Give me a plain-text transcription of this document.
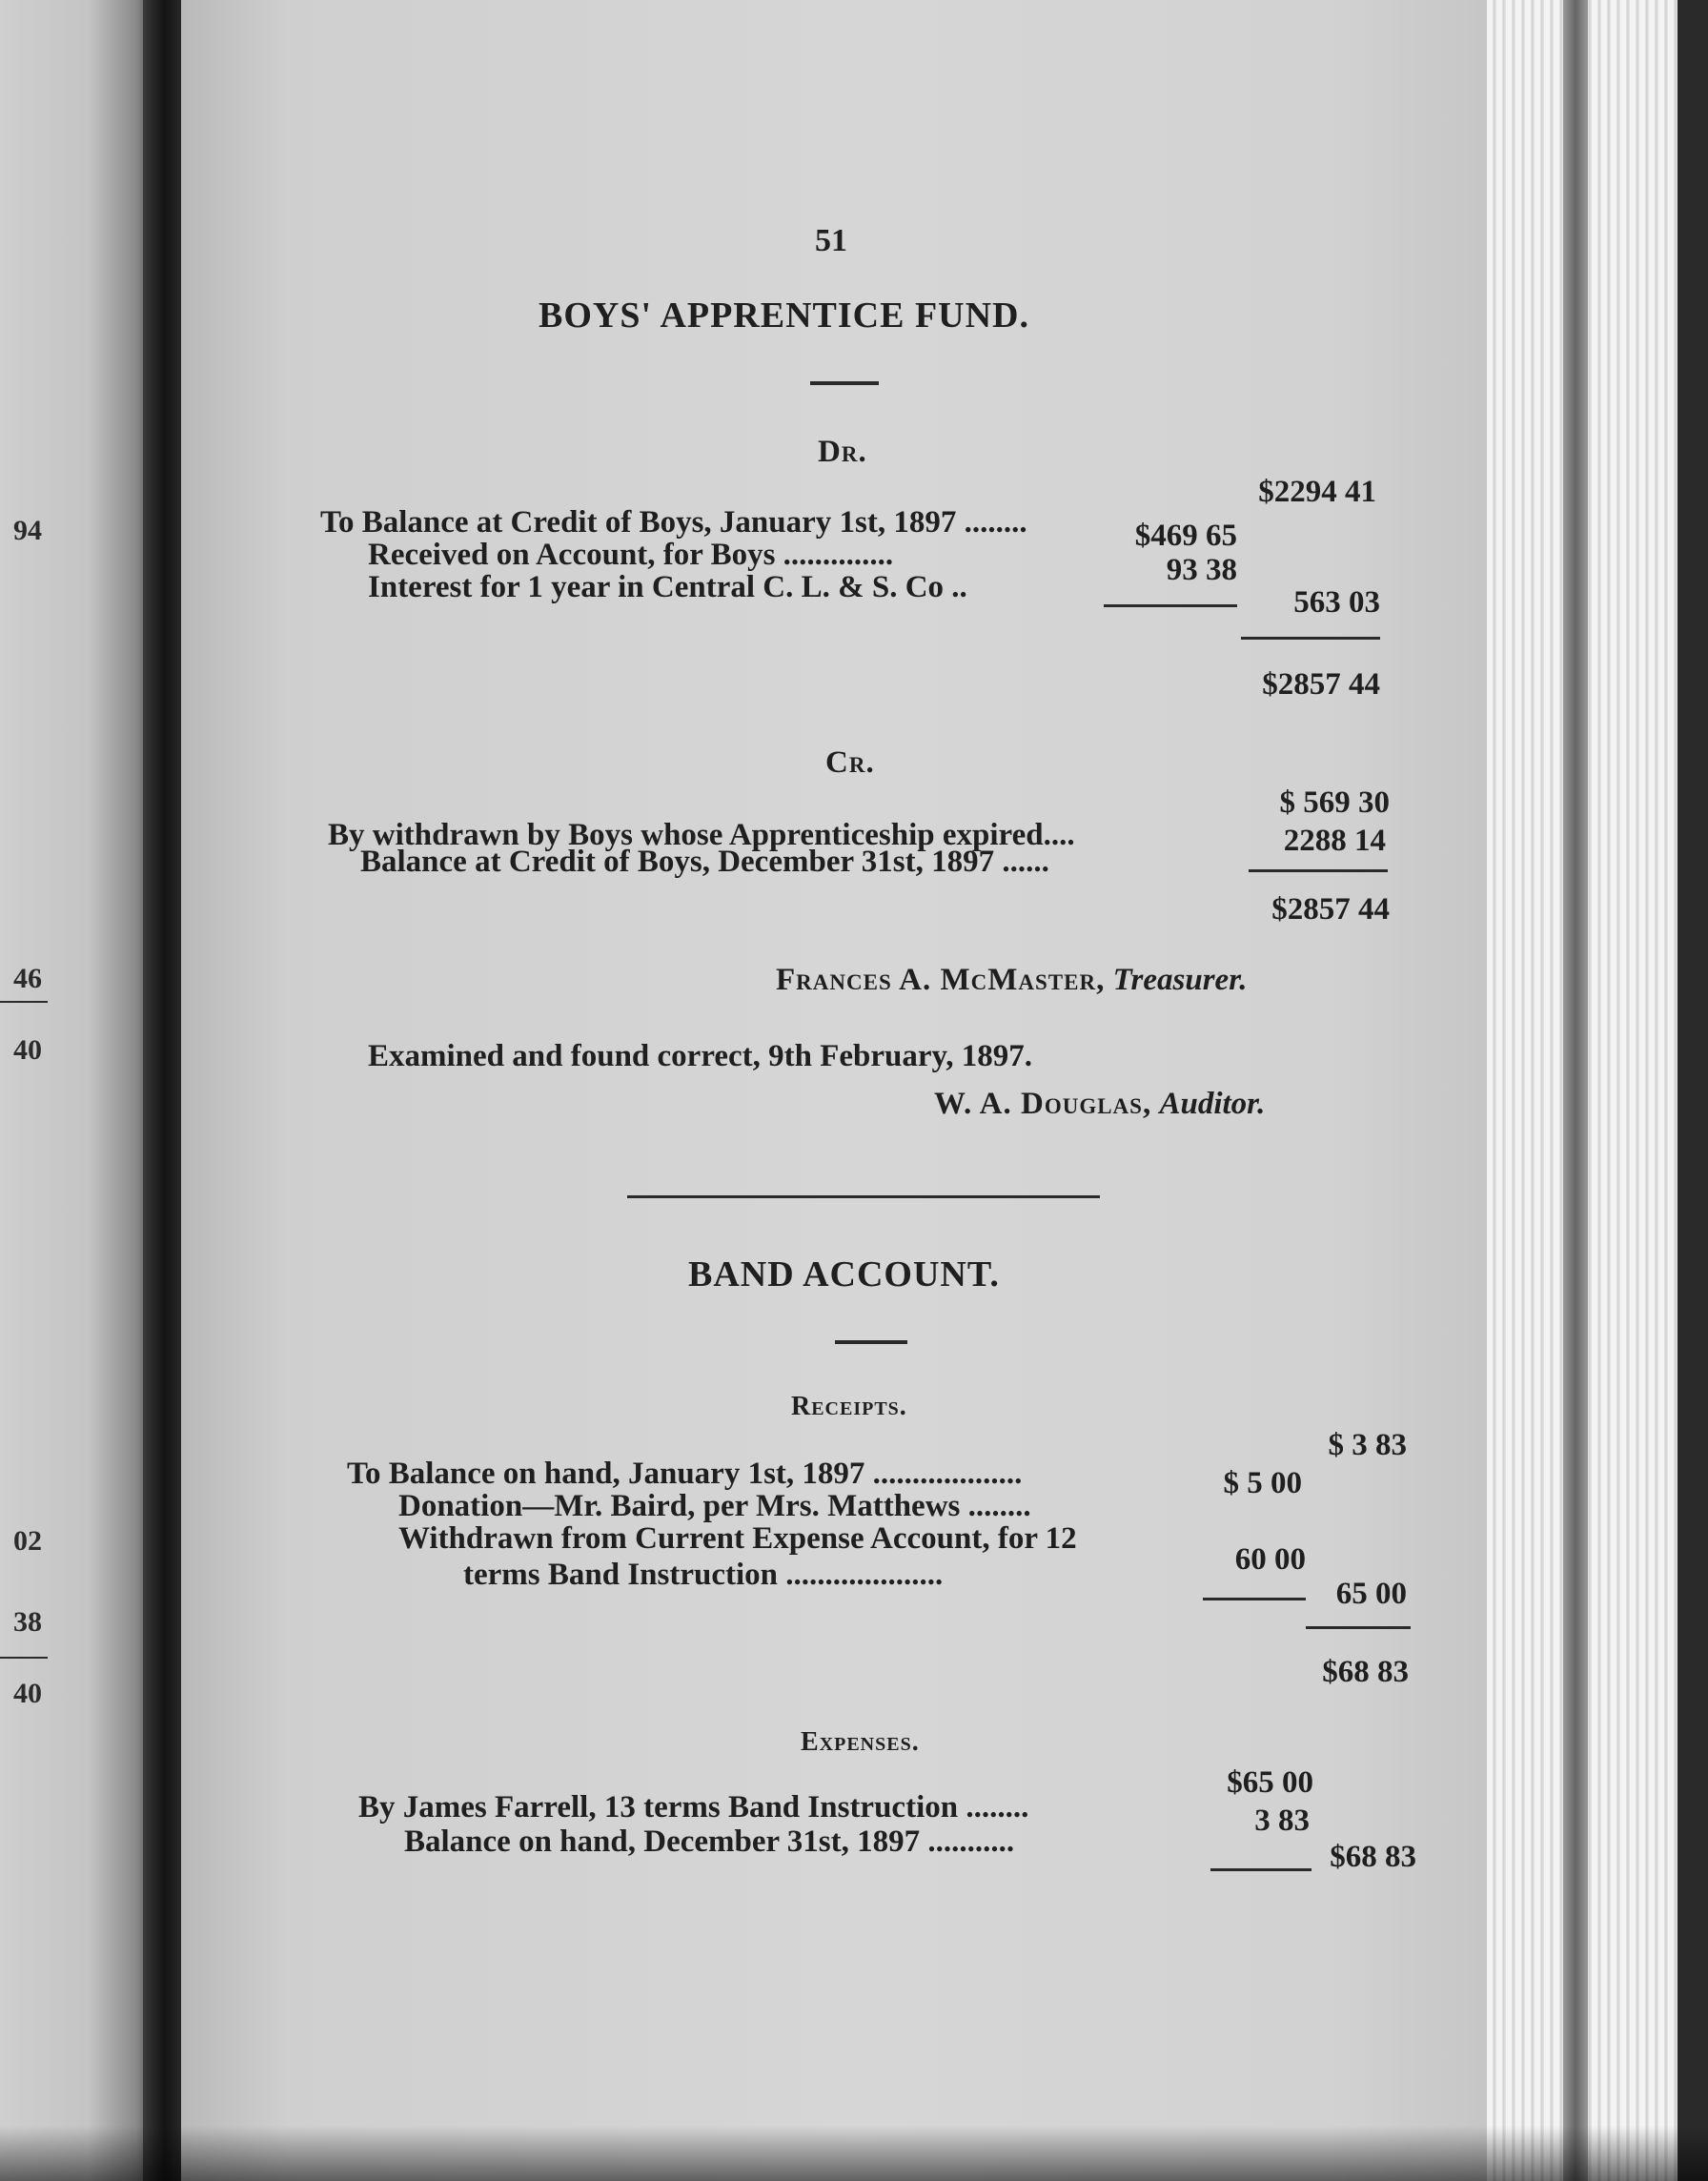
94
46
40
02
38
40
51
BOYS' APPRENTICE FUND.
Dr.
To Balance at Credit of Boys, January 1st, 1897 ........
$2294 41
Received on Account, for Boys ..............
$469 65
Interest for 1 year in Central C. L. & S. Co ..	93 38
563 03
$2857 44
Cr.
By withdrawn by Boys whose Apprenticeship expired....
$ 569 30
Balance at Credit of Boys, December 31st, 1897 ......
2288 14
$2857 44
Frances A. McMaster, Treasurer.
Examined and found correct, 9th February, 1897.
W. A. Douglas, Auditor.
BAND ACCOUNT.
Receipts.
To Balance on hand, January 1st, 1897 ...................
$ 3 83
Donation—Mr. Baird, per Mrs. Matthews ........
$ 5 00
Withdrawn from Current Expense Account, for 12
terms Band Instruction ....................	60 00
65 00
$68 83
Expenses.
By James Farrell, 13 terms Band Instruction ........
$65 00
Balance on hand, December 31st, 1897 ...........
3 83
$68 83
